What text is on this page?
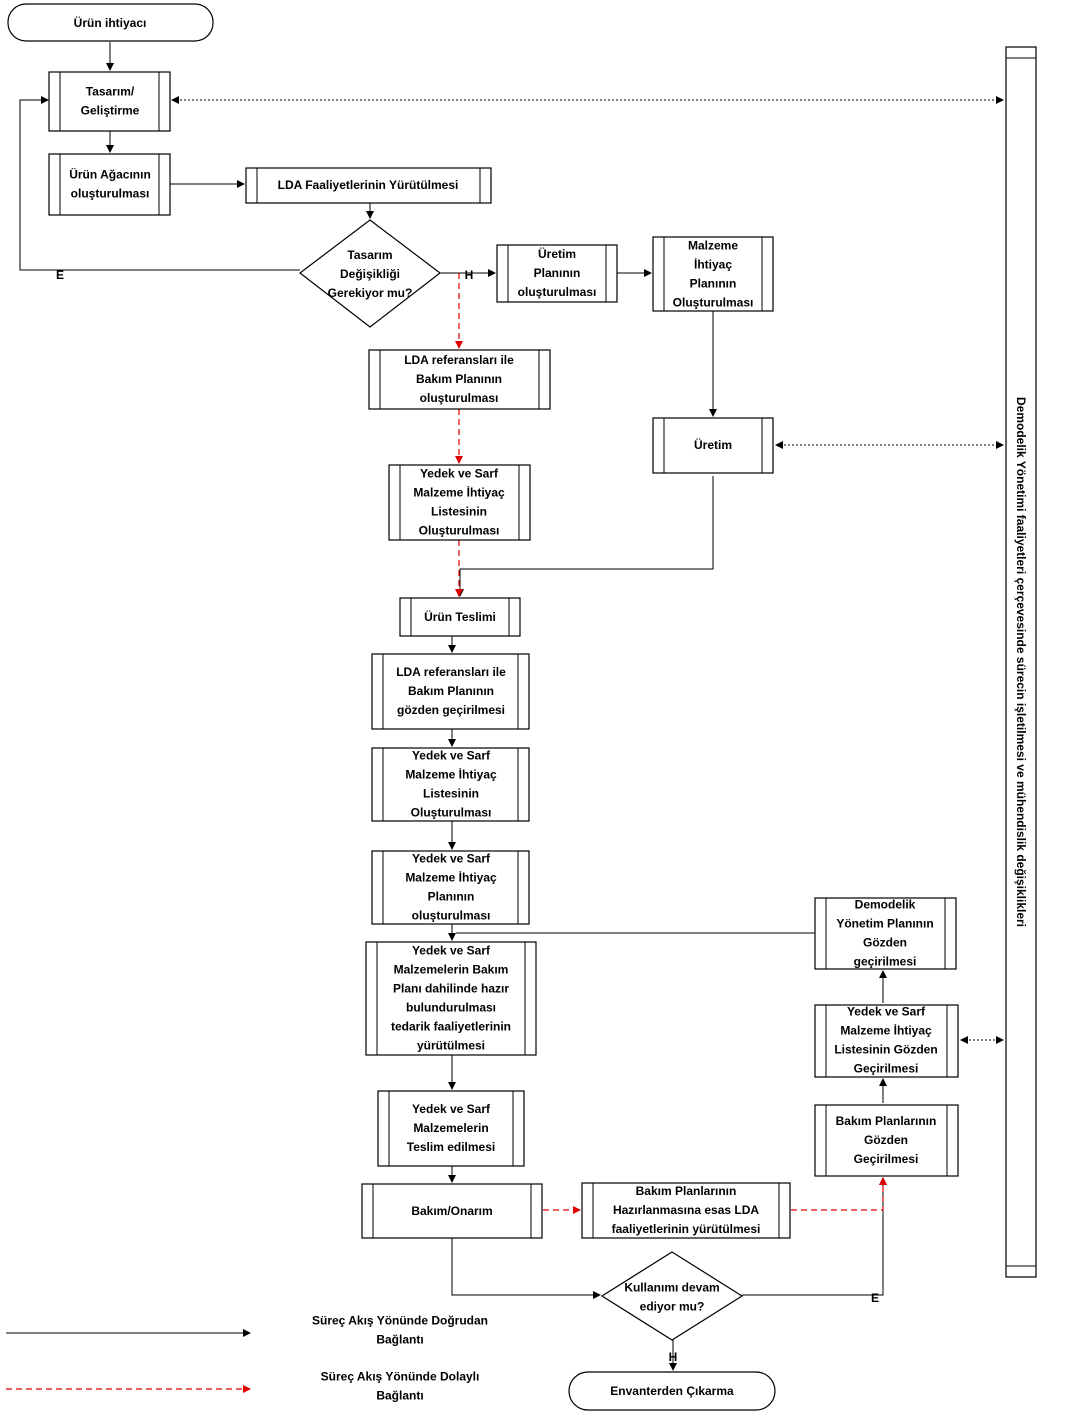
Ürün ihtiyacı
Envanterden Çıkarma
Tasarım/ Geliştirme
Ürün Ağacının oluşturulması
LDA Faaliyetlerinin Yürütülmesi
Üretim Planının oluşturulması
Malzeme İhtiyaç Planının Oluşturulması
LDA referansları ile Bakım Planının oluşturulması
Yedek ve Sarf Malzeme İhtiyaç Listesinin Oluşturulması
Üretim
Ürün Teslimi
LDA referansları ile Bakım Planının gözden geçirilmesi
Yedek ve Sarf Malzeme İhtiyaç Listesinin Oluşturulması
Yedek ve Sarf Malzeme İhtiyaç Planının oluşturulması
Yedek ve Sarf Malzemelerin Bakım Planı dahilinde hazır bulundurulması tedarik faaliyetlerinin yürütülmesi
Yedek ve Sarf Malzemelerin Teslim edilmesi
Bakım/Onarım
Bakım Planlarının Hazırlanmasına esas LDA faaliyetlerinin yürütülmesi
Bakım Planlarının Gözden Geçirilmesi
Yedek ve Sarf Malzeme İhtiyaç Listesinin Gözden Geçirilmesi
Demodelik Yönetim Planının Gözden geçirilmesi
Tasarım Değişikliği Gerekiyor mu?
Kullanımı devam ediyor mu?
E	H
E
H
Demodelik Yönetimi faaliyetleri çerçevesinde sürecin işletilmesi ve mühendislik değişiklikleri
Süreç Akış Yönünde Doğrudan Bağlantı
Süreç Akış Yönünde Dolaylı Bağlantı
